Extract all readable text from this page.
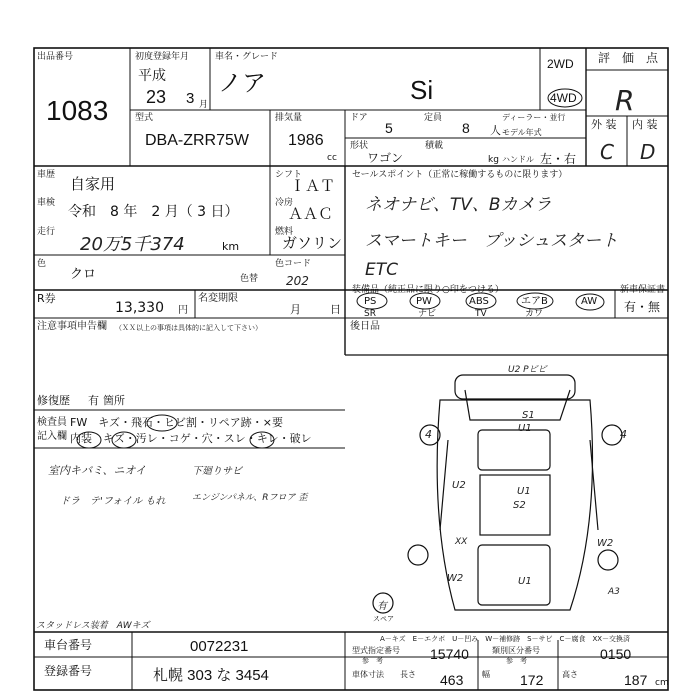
出品番号
1083
初度登録年月
平成
23 3 月
車名・グレード
ノア	Si
2WD
4WD
評　価　点
R
外 装 内 装
C D
型式
DBA-ZRR75W
排気量
1986
cc
ドア
5
定員
8 人
ディーラー・並行
モデル年式
形状
ワゴン
積載
kg ハンドル 左・右
車歴 自家用
車検
令和　8 年　2 月（ 3 日）
走行
20万5千374	km
色
クロ	色替
色コード
202
シフト
ＩＡＴ
冷房
ＡＡＣ
燃料
ガソリン
R券
13,330 円
名変期限
月	日
セールスポイント（正常に稼働するものに限ります）
ネオナビ、TV、Bカメラ
スマートキー　プッシュスタート
ETC
装備品（純正品に限り○印をつける）
PS
SR
PW
ナビ
ABS
TV
エアB
カワ
AW
新車保証書
有・無
注意事項申告欄 （ＸＸ以上の事項は具体的に記入して下さい）
修復歴 有 箇所
後日品
検査員
記入欄
FW　キズ・飛石・ヒビ割・リペア跡・×要
内装　キズ・汚レ・コゲ・穴・スレ・キレ・破レ
室内キバミ、ニオイ	下廻りサビ
ドラ　テ'フォイル もれ	エンジンパネル、Rフロア 歪
スタッドレス装着　AWキズ
U2 Pビビ
S1
U1
U2
U1
S2
XX	W2
U1
W2
A3
4	4
有
スペア
A－キズ　E－エクボ　U－凹み　W－補修跡　S－サビ　C－腐食　XX－交換済
車台番号	0072231
登録番号	札幌 303 な 3454
型式指定番号
参　考	15740	類別区分番号
参　考	0150
車体寸法 長さ 463 幅 172 高さ	187 cm
